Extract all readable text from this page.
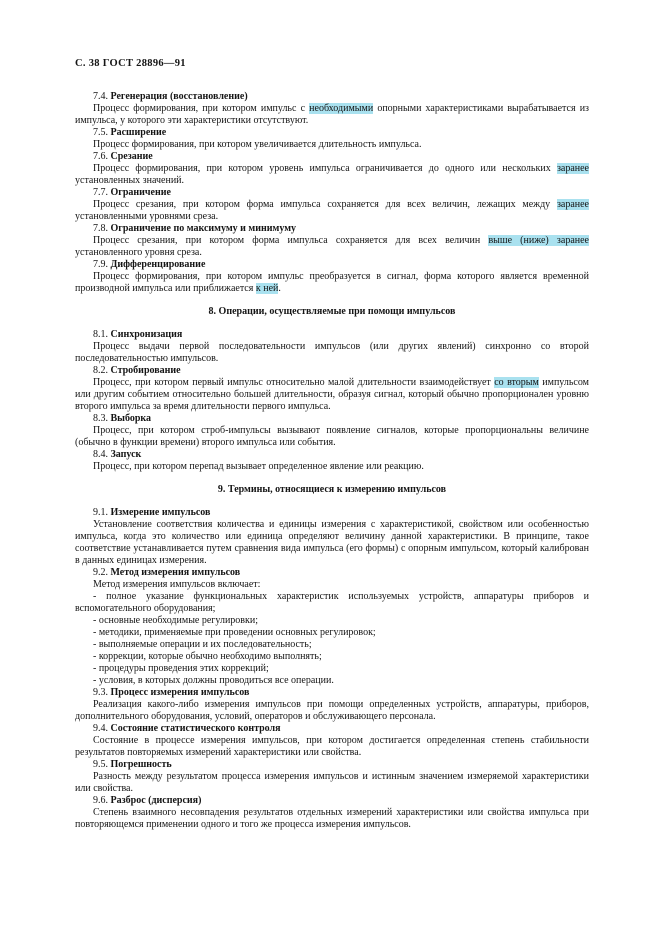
С. 38 ГОСТ 28896—91

7.4. Регенерация (восстановление)

Процесс формирования, при котором импульс с необходимыми опорными характеристиками вырабатывается из импульса, у которого эти характеристики отсутствуют.

7.5. Расширение

Процесс формирования, при котором увеличивается длительность импульса.

7.6. Срезание

Процесс формирования, при котором уровень импульса ограничивается до одного или нескольких заранее установленных значений.

7.7. Ограничение

Процесс срезания, при котором форма импульса сохраняется для всех величин, лежащих между заранее установленными уровнями среза.

7.8. Ограничение по максимуму и минимуму

Процесс срезания, при котором форма импульса сохраняется для всех величин выше (ниже) заранее установленного уровня среза.

7.9. Дифференцирование

Процесс формирования, при котором импульс преобразуется в сигнал, форма которого является временной производной импульса или приближается к ней.

8. Операции, осуществляемые при помощи импульсов

8.1. Синхронизация

Процесс выдачи первой последовательности импульсов (или других явлений) синхронно со второй последовательностью импульсов.

8.2. Стробирование

Процесс, при котором первый импульс относительно малой длительности взаимодействует со вторым импульсом или другим событием относительно большей длительности, образуя сигнал, который обычно пропорционален уровню второго импульса за время длительности первого импульса.

8.3. Выборка

Процесс, при котором строб-импульсы вызывают появление сигналов, которые пропорциональны величине (обычно в функции времени) второго импульса или события.

8.4. Запуск

Процесс, при котором перепад вызывает определенное явление или реакцию.

9. Термины, относящиеся к измерению импульсов

9.1. Измерение импульсов

Установление соответствия количества и единицы измерения с характеристикой, свойством или особенностью импульса, когда это количество или единица определяют величину данной характеристики. В принципе, такое соответствие устанавливается путем сравнения вида импульса (его формы) с опорным импульсом, который калиброван в данных единицах измерения.

9.2. Метод измерения импульсов

Метод измерения импульсов включает:

- полное указание функциональных характеристик используемых устройств, аппаратуры приборов и вспомогательного оборудования;

- основные необходимые регулировки;

- методики, применяемые при проведении основных регулировок;

- выполняемые операции и их последовательность;

- коррекции, которые обычно необходимо выполнять;

- процедуры проведения этих коррекций;

- условия, в которых должны проводиться все операции.

9.3. Процесс измерения импульсов

Реализация какого-либо измерения импульсов при помощи определенных устройств, аппаратуры, приборов, дополнительного оборудования, условий, операторов и обслуживающего персонала.

9.4. Состояние статистического контроля

Состояние в процессе измерения импульсов, при котором достигается определенная степень стабильности результатов повторяемых измерений характеристики или свойства.

9.5. Погрешность

Разность между результатом процесса измерения импульсов и истинным значением измеряемой характеристики или свойства.

9.6. Разброс (дисперсия)

Степень взаимного несовпадения результатов отдельных измерений характеристики или свойства импульса при повторяющемся применении одного и того же процесса измерения импульсов.
